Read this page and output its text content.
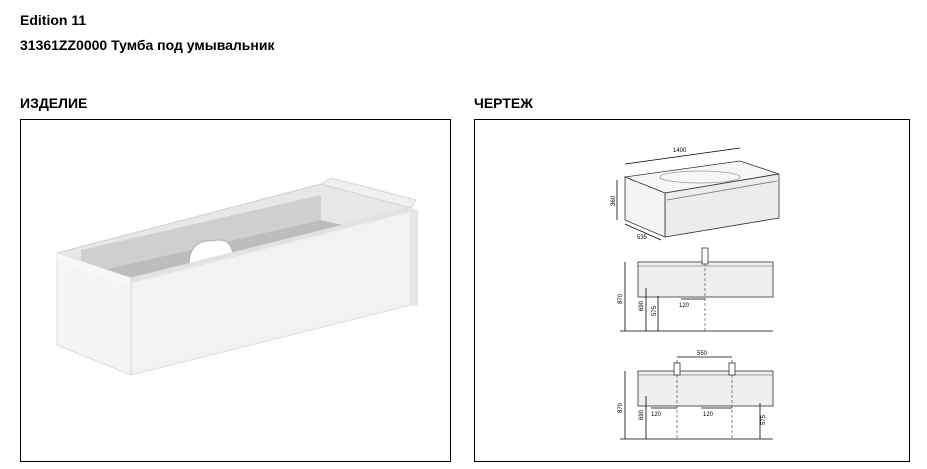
Edition 11
31361ZZ0000 Тумба под умывальник
ИЗДЕЛИЕ	ЧЕРТЕЖ
1400
360
535
870
690 575	120
550
870
690 120	120	575
